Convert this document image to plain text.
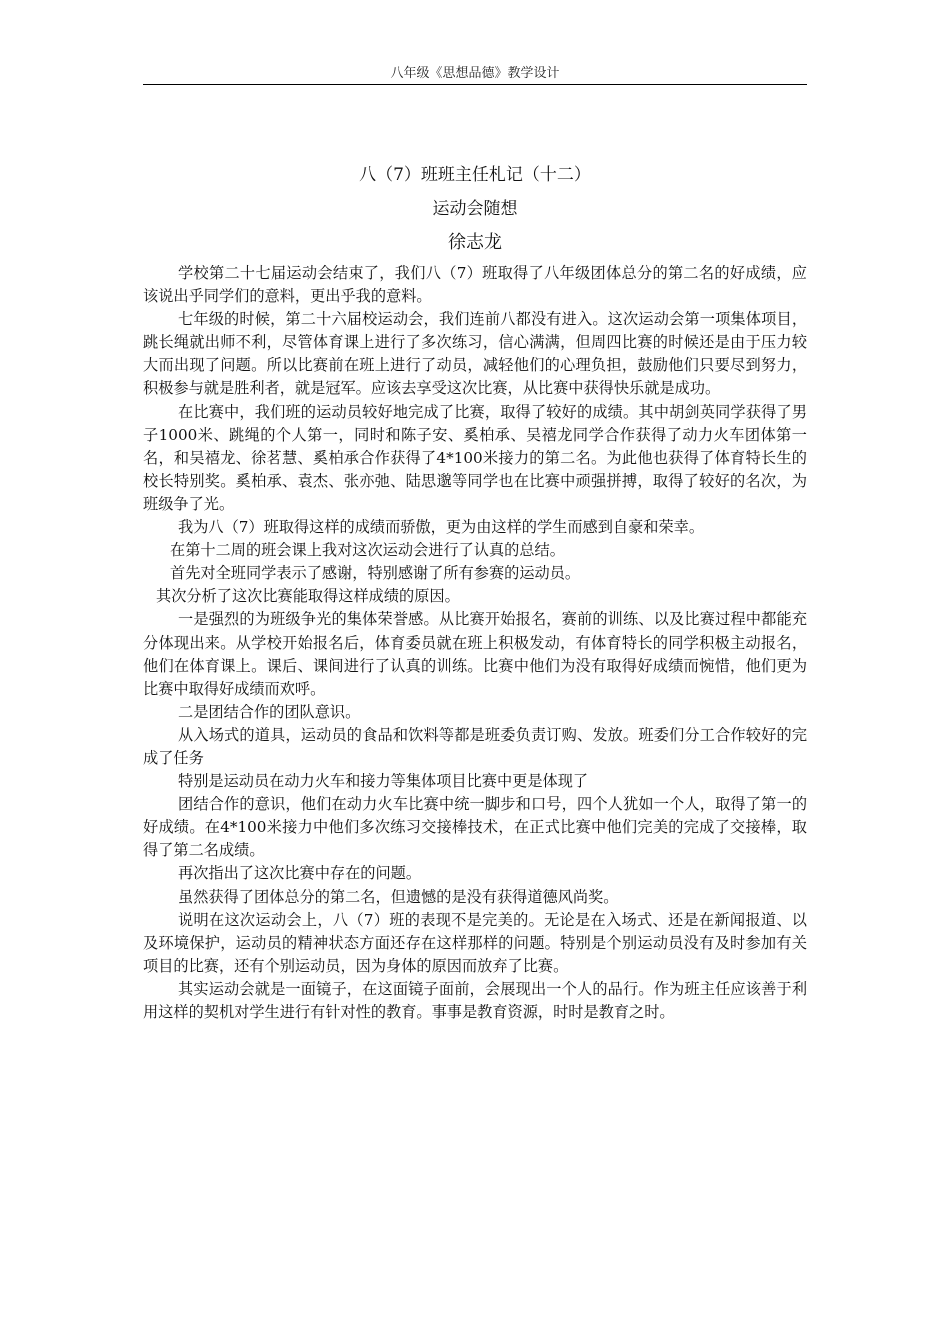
八年级《思想品德》教学设计
八（7）班班主任札记（十二）
运动会随想
徐志龙

学校第二十七届运动会结束了，我们八（7）班取得了八年级团体总分的第二名的好成绩，应该说出乎同学们的意料，更出乎我的意料。

七年级的时候，第二十六届校运动会，我们连前八都没有进入。这次运动会第一项集体项目，跳长绳就出师不利，尽管体育课上进行了多次练习，信心满满，但周四比赛的时候还是由于压力较大而出现了问题。所以比赛前在班上进行了动员，减轻他们的心理负担，鼓励他们只要尽到努力，积极参与就是胜利者，就是冠军。应该去享受这次比赛，从比赛中获得快乐就是成功。

在比赛中，我们班的运动员较好地完成了比赛，取得了较好的成绩。其中胡剑英同学获得了男子1000米、跳绳的个人第一，同时和陈子安、奚柏承、吴禧龙同学合作获得了动力火车团体第一名，和吴禧龙、徐茗慧、奚柏承合作获得了4*100米接力的第二名。为此他也获得了体育特长生的校长特别奖。奚柏承、袁杰、张亦弛、陆思邈等同学也在比赛中顽强拼搏，取得了较好的名次，为班级争了光。

我为八（7）班取得这样的成绩而骄傲，更为由这样的学生而感到自豪和荣幸。

在第十二周的班会课上我对这次运动会进行了认真的总结。

首先对全班同学表示了感谢，特别感谢了所有参赛的运动员。

其次分析了这次比赛能取得这样成绩的原因。

一是强烈的为班级争光的集体荣誉感。从比赛开始报名，赛前的训练、以及比赛过程中都能充分体现出来。从学校开始报名后，体育委员就在班上积极发动，有体育特长的同学积极主动报名，他们在体育课上。课后、课间进行了认真的训练。比赛中他们为没有取得好成绩而惋惜，他们更为比赛中取得好成绩而欢呼。

二是团结合作的团队意识。

从入场式的道具，运动员的食品和饮料等都是班委负责订购、发放。班委们分工合作较好的完成了任务

特别是运动员在动力火车和接力等集体项目比赛中更是体现了

团结合作的意识，他们在动力火车比赛中统一脚步和口号，四个人犹如一个人，取得了第一的好成绩。在4*100米接力中他们多次练习交接棒技术，在正式比赛中他们完美的完成了交接棒，取得了第二名成绩。

再次指出了这次比赛中存在的问题。

虽然获得了团体总分的第二名，但遗憾的是没有获得道德风尚奖。

说明在这次运动会上，八（7）班的表现不是完美的。无论是在入场式、还是在新闻报道、以及环境保护，运动员的精神状态方面还存在这样那样的问题。特别是个别运动员没有及时参加有关项目的比赛，还有个别运动员，因为身体的原因而放弃了比赛。

其实运动会就是一面镜子，在这面镜子面前，会展现出一个人的品行。作为班主任应该善于利用这样的契机对学生进行有针对性的教育。事事是教育资源，时时是教育之时。
